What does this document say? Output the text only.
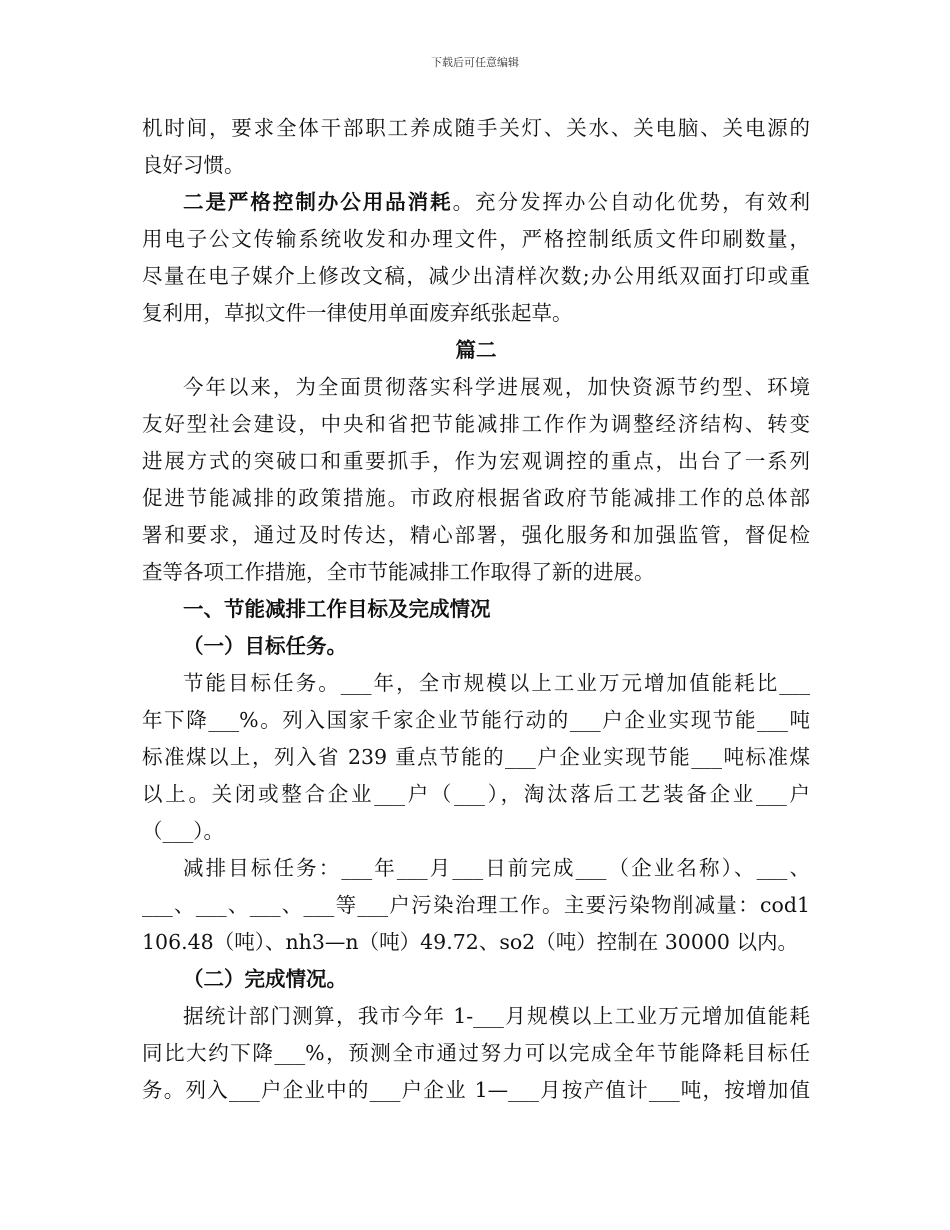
下载后可任意编辑
机时间，要求全体干部职工养成随手关灯、关水、关电脑、关电源的
良好习惯。
二是严格控制办公用品消耗。充分发挥办公自动化优势，有效利
用电子公文传输系统收发和办理文件，严格控制纸质文件印刷数量，
尽量在电子媒介上修改文稿，减少出清样次数;办公用纸双面打印或重
复利用，草拟文件一律使用单面废弃纸张起草。
篇二
今年以来，为全面贯彻落实科学进展观，加快资源节约型、环境
友好型社会建设，中央和省把节能减排工作作为调整经济结构、转变
进展方式的突破口和重要抓手，作为宏观调控的重点，出台了一系列
促进节能减排的政策措施。市政府根据省政府节能减排工作的总体部
署和要求，通过及时传达，精心部署，强化服务和加强监管，督促检
查等各项工作措施，全市节能减排工作取得了新的进展。
一、节能减排工作目标及完成情况
（一）目标任务。
节能目标任务。___年，全市规模以上工业万元增加值能耗比___
年下降___%。列入国家千家企业节能行动的___户企业实现节能___吨
标准煤以上，列入省 239 重点节能的___户企业实现节能___吨标准煤
以上。关闭或整合企业___户（___），淘汰落后工艺装备企业___户
（___）。
减排目标任务：___年___月___日前完成___（企业名称）、___、
___、___、___、___等___户污染治理工作。主要污染物削减量：cod1
106.48（吨）、nh3—n（吨）49.72、so2（吨）控制在 30000 以内。
（二）完成情况。
据统计部门测算，我市今年 1-___月规模以上工业万元增加值能耗
同比大约下降___%，预测全市通过努力可以完成全年节能降耗目标任
务。列入___户企业中的___户企业 1—___月按产值计___吨，按增加值
